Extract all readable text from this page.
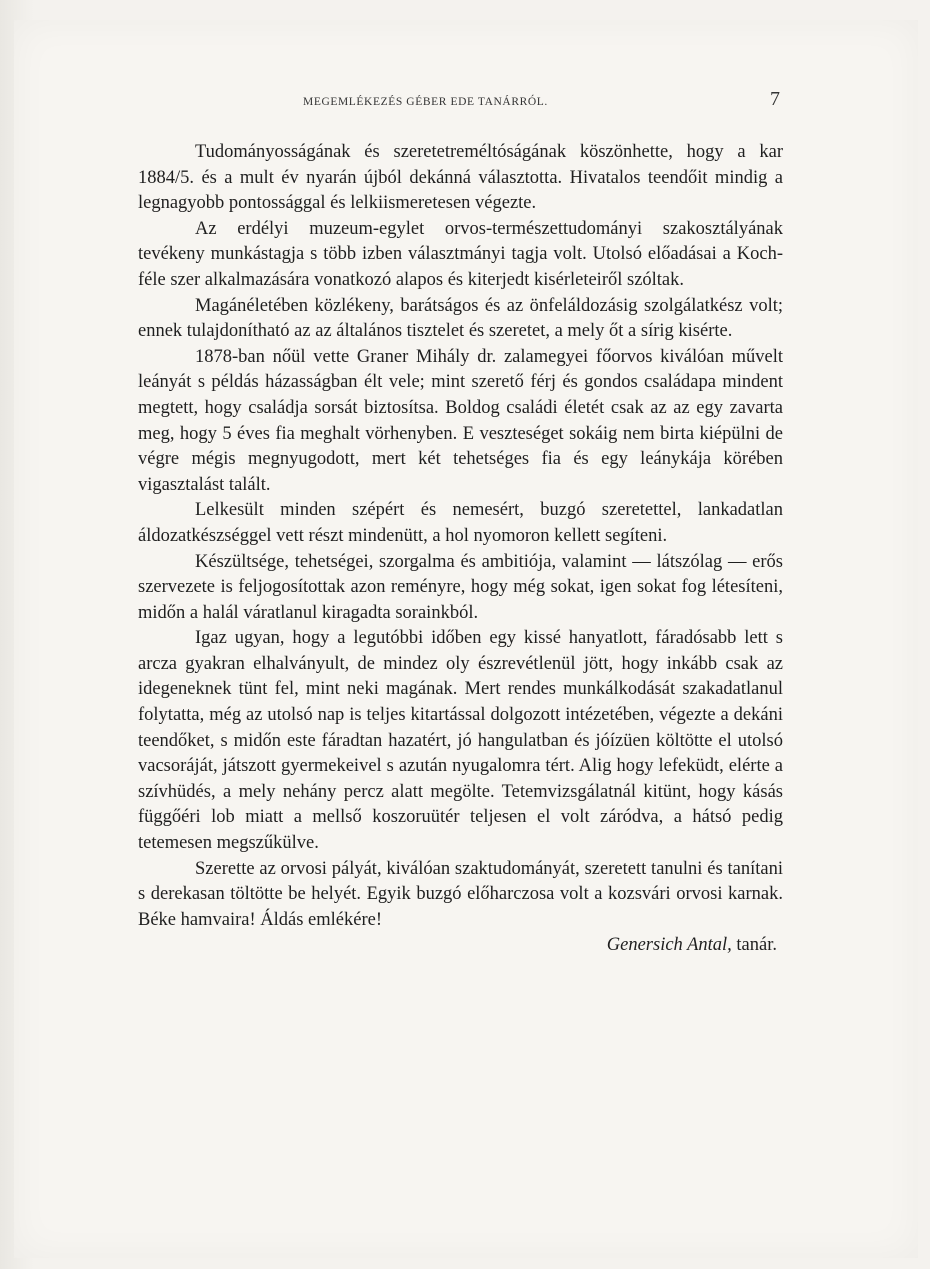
MEGEMLÉKEZÉS GÉBER EDE TANÁRRÓL.	7

Tudományosságának és szeretetreméltóságának köszönhette, hogy a kar 1884/5. és a mult év nyarán újból dekánná választotta. Hivatalos teendőit mindig a legnagyobb pontossággal és lelkiismeretesen végezte.

Az erdélyi muzeum-egylet orvos-természettudományi szakosztályának tevékeny munkástagja s több izben választmányi tagja volt. Utolsó előadásai a Koch-féle szer alkalmazására vonatkozó alapos és kiterjedt kisérleteiről szóltak.

Magánéletében közlékeny, barátságos és az önfeláldozásig szolgálatkész volt; ennek tulajdonítható az az általános tisztelet és szeretet, a mely őt a sírig kisérte.

1878-ban nőül vette Graner Mihály dr. zalamegyei főorvos kiválóan művelt leányát s példás házasságban élt vele; mint szerető férj és gondos családapa mindent megtett, hogy családja sorsát biztosítsa. Boldog családi életét csak az az egy zavarta meg, hogy 5 éves fia meghalt vörhenyben. E veszteséget sokáig nem birta kiépülni de végre mégis megnyugodott, mert két tehetséges fia és egy leánykája körében vigasztalást talált.

Lelkesült minden szépért és nemesért, buzgó szeretettel, lankadatlan áldozatkészséggel vett részt mindenütt, a hol nyomoron kellett segíteni.

Készültsége, tehetségei, szorgalma és ambitiója, valamint — látszólag — erős szervezete is feljogosítottak azon reményre, hogy még sokat, igen sokat fog létesíteni, midőn a halál váratlanul kiragadta sorainkból.

Igaz ugyan, hogy a legutóbbi időben egy kissé hanyatlott, fáradósabb lett s arcza gyakran elhalványult, de mindez oly észrevétlenül jött, hogy inkább csak az idegeneknek tünt fel, mint neki magának. Mert rendes munkálkodását szakadatlanul folytatta, még az utolsó nap is teljes kitartással dolgozott intézetében, végezte a dekáni teendőket, s midőn este fáradtan hazatért, jó hangulatban és jóízüen költötte el utolsó vacsoráját, játszott gyermekeivel s azután nyugalomra tért. Alig hogy lefeküdt, elérte a szívhüdés, a mely nehány percz alatt megölte. Tetemvizsgálatnál kitünt, hogy kásás függőéri lob miatt a mellső koszoruütér teljesen el volt záródva, a hátsó pedig tetemesen megszűkülve.

Szerette az orvosi pályát, kiválóan szaktudományát, szeretett tanulni és tanítani s derekasan töltötte be helyét. Egyik buzgó előharczosa volt a kozsvári orvosi karnak. Béke hamvaira! Áldás emlékére!

Genersich Antal, tanár.
